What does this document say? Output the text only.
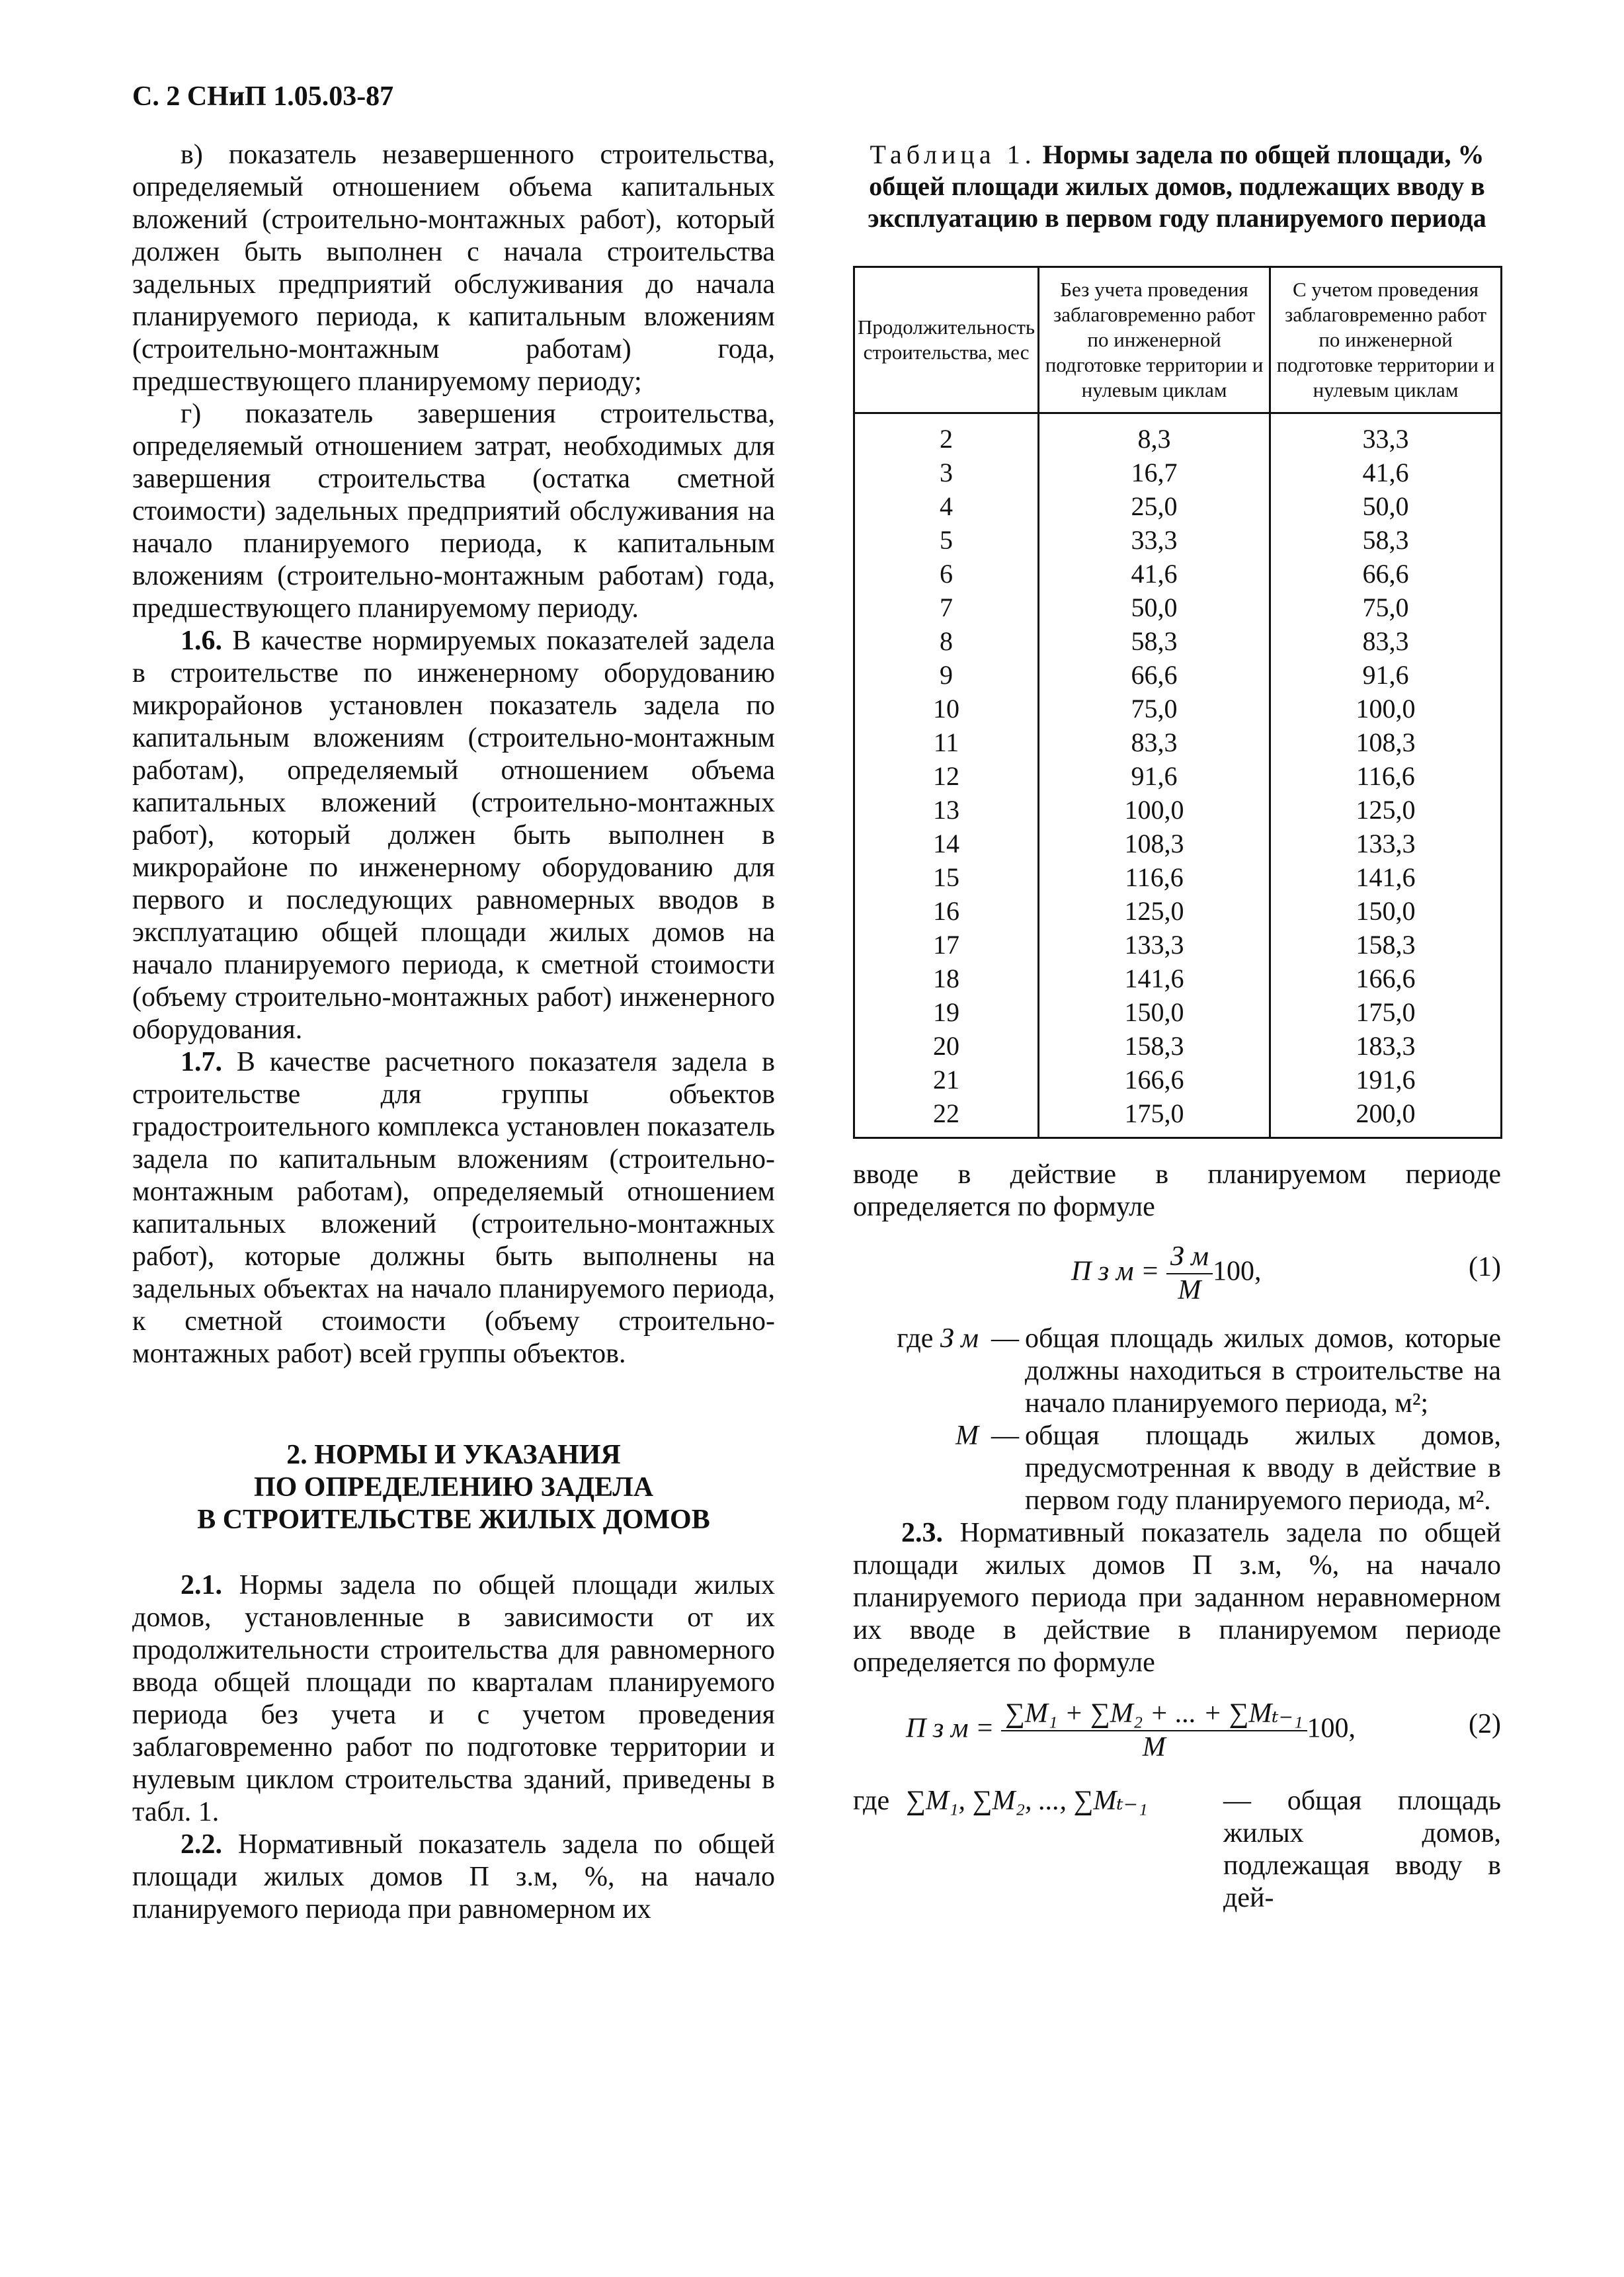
С. 2 СНиП 1.05.03-87

в) показатель незавершенного строительства, определяемый отношением объема капитальных вложений (строительно-монтажных работ), который должен быть выполнен с начала строительства задельных предприятий обслуживания до начала планируемого периода, к капитальным вложениям (строительно-монтажным работам) года, предшествующего планируемому периоду;

г) показатель завершения строительства, определяемый отношением затрат, необходимых для завершения строительства (остатка сметной стоимости) задельных предприятий обслуживания на начало планируемого периода, к капитальным вложениям (строительно-монтажным работам) года, предшествующего планируемому периоду.

1.6. В качестве нормируемых показателей задела в строительстве по инженерному оборудованию микрорайонов установлен показатель задела по капитальным вложениям (строительно-монтажным работам), определяемый отношением объема капитальных вложений (строительно-монтажных работ), который должен быть выполнен в микрорайоне по инженерному оборудованию для первого и последующих равномерных вводов в эксплуатацию общей площади жилых домов на начало планируемого периода, к сметной стоимости (объему строительно-монтажных работ) инженерного оборудования.

1.7. В качестве расчетного показателя задела в строительстве для группы объектов градостроительного комплекса установлен показатель задела по капитальным вложениям (строительно-монтажным работам), определяемый отношением капитальных вложений (строительно-монтажных работ), которые должны быть выполнены на задельных объектах на начало планируемого периода, к сметной стоимости (объему строительно-монтажных работ) всей группы объектов.

2. НОРМЫ И УКАЗАНИЯ
ПО ОПРЕДЕЛЕНИЮ ЗАДЕЛА
В СТРОИТЕЛЬСТВЕ ЖИЛЫХ ДОМОВ

2.1. Нормы задела по общей площади жилых домов, установленные в зависимости от их продолжительности строительства для равномерного ввода общей площади по кварталам планируемого периода без учета и с учетом проведения заблаговременно работ по подготовке территории и нулевым циклом строительства зданий, приведены в табл. 1.

2.2. Нормативный показатель задела по общей площади жилых домов П з.м, %, на начало планируемого периода при равномерном их

Таблица 1. Нормы задела по общей площади, % общей площади жилых домов, подлежащих вводу в эксплуатацию в первом году планируемого периода
Продолжительность строительства, мес	Без учета проведения заблаговременно работ по инженерной подготовке территории и нулевым циклам	С учетом проведения заблаговременно работ по инженерной подготовке территории и нулевым циклам
2	8,3	33,3
3	16,7	41,6
4	25,0	50,0
5	33,3	58,3
6	41,6	66,6
7	50,0	75,0
8	58,3	83,3
9	66,6	91,6
10	75,0	100,0
11	83,3	108,3
12	91,6	116,6
13	100,0	125,0
14	108,3	133,3
15	116,6	141,6
16	125,0	150,0
17	133,3	158,3
18	141,6	166,6
19	150,0	175,0
20	158,3	183,3
21	166,6	191,6
22	175,0	200,0

вводе в действие в планируемом периоде определяется по формуле

П з $м = \frac{\text{З м}}{М} 100$,	(1)
где З м — общая площадь жилых домов, которые должны находиться в строительстве на начало планируемого периода, м²;
М — общая площадь жилых домов, предусмотренная к вводу в действие в первом году планируемого периода, м².

2.3. Нормативный показатель задела по общей площади жилых домов П з.м, %, на начало планируемого периода при заданном неравномерном их вводе в действие в планируемом периоде определяется по формуле

П з $м = \frac{\text{∑M₁ + ∑M₂ + ... + ∑Mₜ₋₁}}{М} 100$,	(2)
где ∑M₁, ∑M₂, ..., ∑Mₜ₋₁	— общая площадь жилых домов, подлежащая вводу в дей-
